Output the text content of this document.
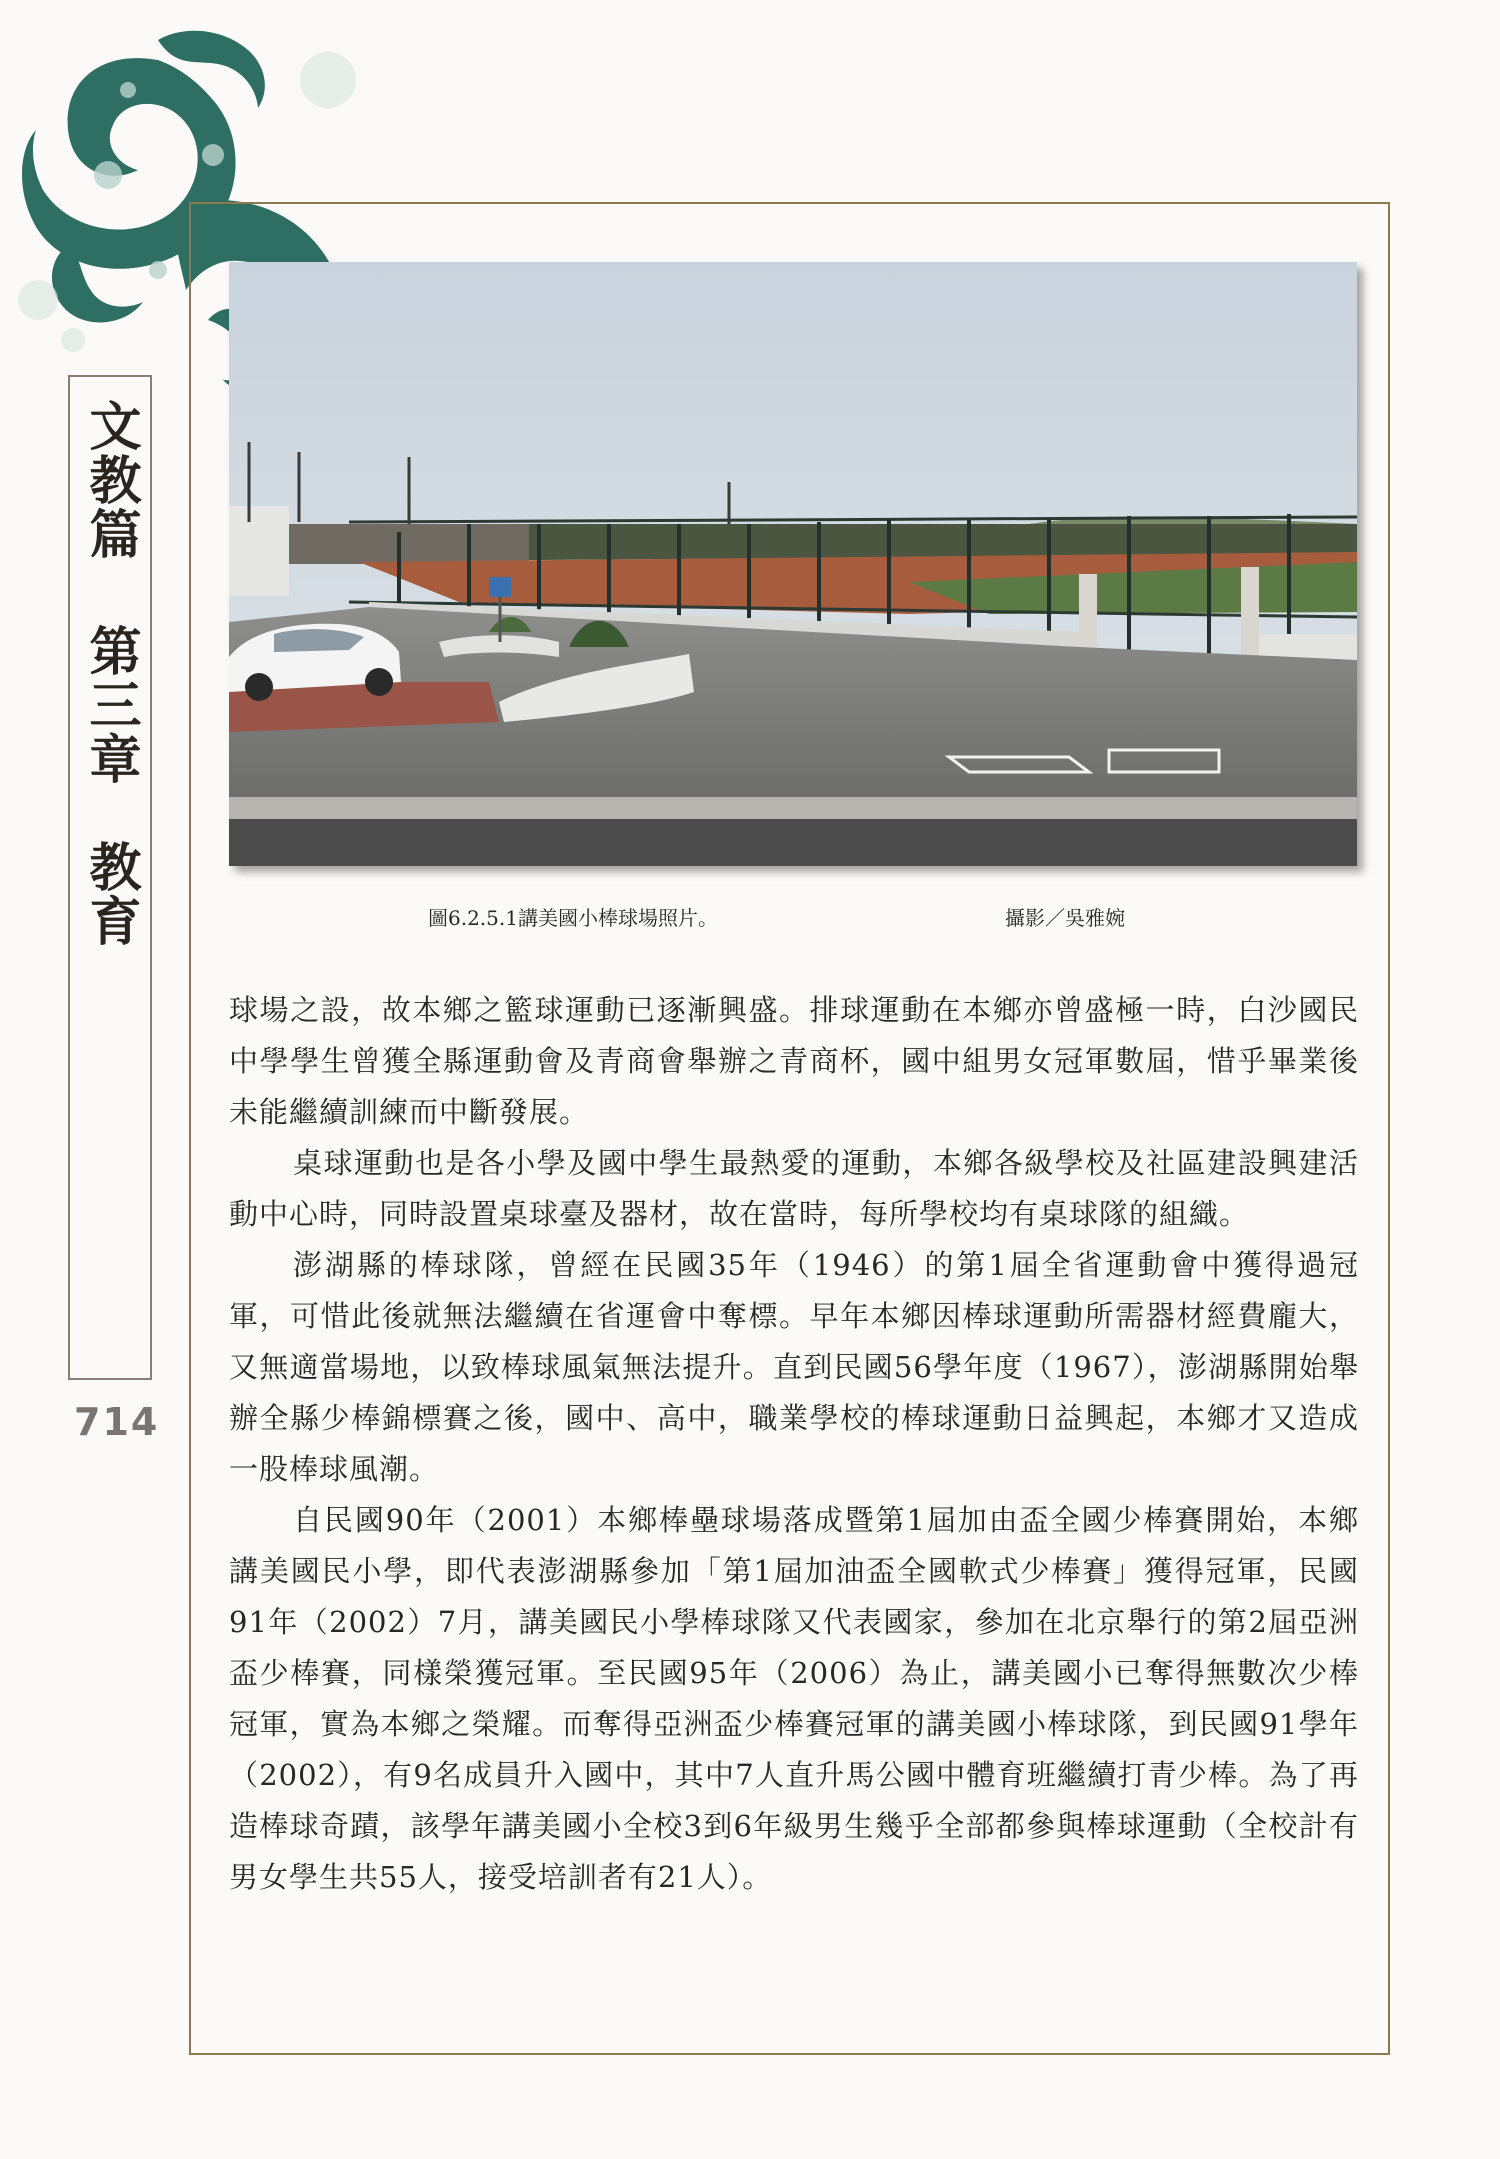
文教篇 第三章　教育
714
圖6.2.5.1講美國小棒球場照片。	攝影／吳雅婉

球場之設，故本鄉之籃球運動已逐漸興盛。排球運動在本鄉亦曾盛極一時，白沙國民中學學生曾獲全縣運動會及青商會舉辦之青商杯，國中組男女冠軍數屆，惜乎畢業後未能繼續訓練而中斷發展。

桌球運動也是各小學及國中學生最熱愛的運動，本鄉各級學校及社區建設興建活動中心時，同時設置桌球臺及器材，故在當時，每所學校均有桌球隊的組織。

澎湖縣的棒球隊，曾經在民國35年（1946）的第1屆全省運動會中獲得過冠軍，可惜此後就無法繼續在省運會中奪標。早年本鄉因棒球運動所需器材經費龐大，又無適當場地，以致棒球風氣無法提升。直到民國56學年度（1967），澎湖縣開始舉辦全縣少棒錦標賽之後，國中、高中，職業學校的棒球運動日益興起，本鄉才又造成一股棒球風潮。

自民國90年（2001）本鄉棒壘球場落成暨第1屆加由盃全國少棒賽開始，本鄉講美國民小學，即代表澎湖縣參加「第1屆加油盃全國軟式少棒賽」獲得冠軍，民國91年（2002）7月，講美國民小學棒球隊又代表國家，參加在北京舉行的第2屆亞洲盃少棒賽，同樣榮獲冠軍。至民國95年（2006）為止，講美國小已奪得無數次少棒冠軍，實為本鄉之榮耀。而奪得亞洲盃少棒賽冠軍的講美國小棒球隊，到民國91學年（2002），有9名成員升入國中，其中7人直升馬公國中體育班繼續打青少棒。為了再造棒球奇蹟，該學年講美國小全校3到6年級男生幾乎全部都參與棒球運動（全校計有男女學生共55人，接受培訓者有21人）。
